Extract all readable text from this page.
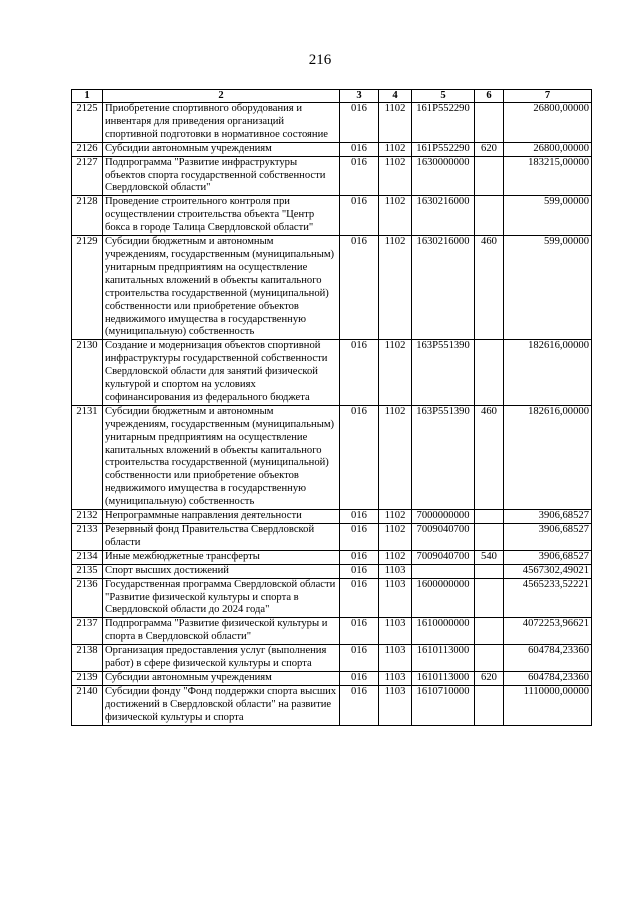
216
1	2	3	4	5	6	7
2125	Приобретение спортивного оборудования и инвентаря для приведения организаций спортивной подготовки в нормативное состояние	016	1102	161P552290		26800,00000
2126	Субсидии автономным учреждениям	016	1102	161P552290	620	26800,00000
2127	Подпрограмма "Развитие инфраструктуры объектов спорта государственной собственности Свердловской области"	016	1102	1630000000		183215,00000
2128	Проведение строительного контроля при осуществлении строительства объекта "Центр бокса в городе Талица Свердловской области"	016	1102	1630216000		599,00000
2129	Субсидии бюджетным и автономным учреждениям, государственным (муниципальным) унитарным предприятиям на осуществление капитальных вложений в объекты капитального строительства государственной (муниципальной) собственности или приобретение объектов недвижимого имущества в государственную (муниципальную) собственность	016	1102	1630216000	460	599,00000
2130	Создание и модернизация объектов спортивной инфраструктуры государственной собственности Свердловской области для занятий физической культурой и спортом на условиях софинансирования из федерального бюджета	016	1102	163P551390		182616,00000
2131	Субсидии бюджетным и автономным учреждениям, государственным (муниципальным) унитарным предприятиям на осуществление капитальных вложений в объекты капитального строительства государственной (муниципальной) собственности или приобретение объектов недвижимого имущества в государственную (муниципальную) собственность	016	1102	163P551390	460	182616,00000
2132	Непрограммные направления деятельности	016	1102	7000000000		3906,68527
2133	Резервный фонд Правительства Свердловской области	016	1102	7009040700		3906,68527
2134	Иные межбюджетные трансферты	016	1102	7009040700	540	3906,68527
2135	Спорт высших достижений	016	1103			4567302,49021
2136	Государственная программа Свердловской области "Развитие физической культуры и спорта в Свердловской области до 2024 года"	016	1103	1600000000		4565233,52221
2137	Подпрограмма "Развитие физической культуры и спорта в Свердловской области"	016	1103	1610000000		4072253,96621
2138	Организация предоставления услуг (выполнения работ) в сфере физической культуры и спорта	016	1103	1610113000		604784,23360
2139	Субсидии автономным учреждениям	016	1103	1610113000	620	604784,23360
2140	Субсидии фонду "Фонд поддержки спорта высших достижений в Свердловской области" на развитие физической культуры и спорта	016	1103	1610710000		1110000,00000
